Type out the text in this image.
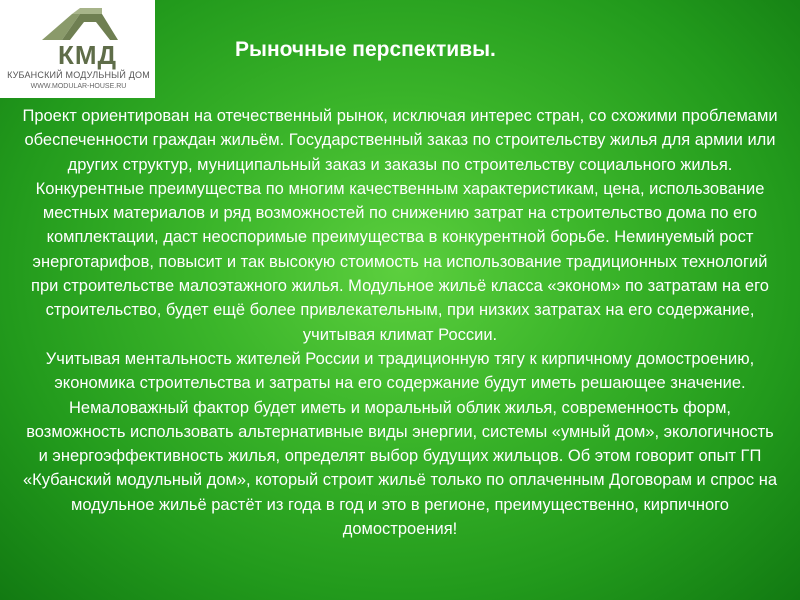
КМД
КУБАНСКИЙ МОДУЛЬНЫЙ ДОМ
WWW.MODULAR-HOUSE.RU
Рыночные перспективы.

Проект ориентирован на отечественный рынок, исключая интерес стран, со схожими проблемами обеспеченности граждан жильём. Государственный заказ по строительству жилья для армии или других структур, муниципальный заказ и заказы по строительству социального жилья.

Конкурентные преимущества по многим качественным характеристикам, цена, использование местных материалов и ряд возможностей по снижению затрат на строительство дома по его комплектации, даст неоспоримые преимущества в конкурентной борьбе. Неминуемый рост энерготарифов, повысит и так высокую стоимость на использование традиционных технологий при строительстве малоэтажного жилья. Модульное жильё класса «эконом» по затратам на его строительство, будет ещё более привлекательным, при низких затратах на его содержание, учитывая климат России.

Учитывая ментальность жителей России и традиционную тягу к кирпичному домостроению, экономика строительства и затраты на его содержание будут иметь решающее значение. Немаловажный фактор будет иметь и моральный облик жилья, современность форм, возможность использовать альтернативные виды энергии, системы «умный дом», экологичность и энергоэффективность жилья, определят выбор будущих жильцов. Об этом говорит опыт ГП «Кубанский модульный дом», который строит жильё только по оплаченным Договорам и спрос на модульное жильё растёт из года в год и это в регионе, преимущественно, кирпичного домостроения!
